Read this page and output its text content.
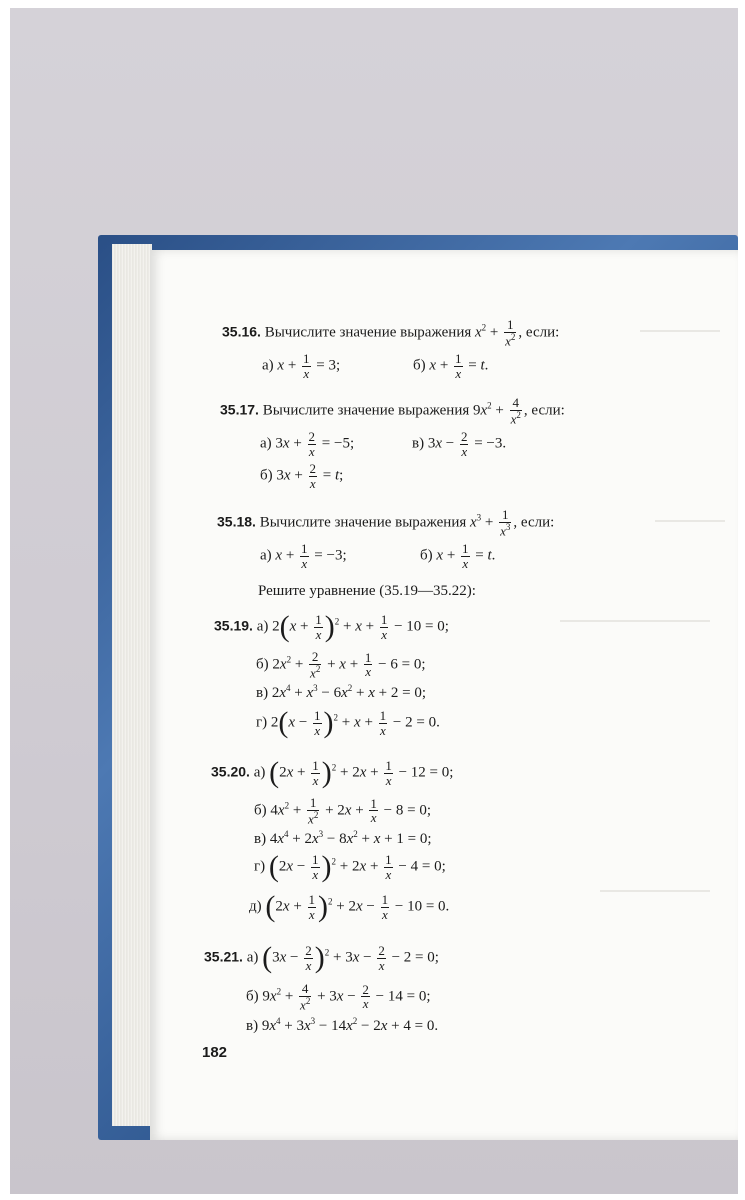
35.16. Вычислите значение выражения $x^2 + \frac{1}{x^2}$ , если:
а) $x + \frac{1}{x} = 3$;	б) $x + \frac{1}{x} = t$.
35.17. Вычислите значение выражения $9x^2 + \frac{4}{x^2}$ , если:
а) $3x + \frac{2}{x} = -5$;	в) $3x - \frac{2}{x} = -3$.
б) $3x + \frac{2}{x} = t$;
35.18. Вычислите значение выражения $x^3 + \frac{1}{x^3}$ , если:
а) $x + \frac{1}{x} = -3$;	б) $x + \frac{1}{x} = t$.
Решите уравнение (35.19—35.22):
35.19. а) $2(x + \frac{1}{x} )^2 + x + \frac{1}{x} - 10 = 0$;
б) $2x^2 + \frac{2}{x^2} + x + \frac{1}{x} - 6 = 0$;
в) $2x^4 + x^3 - 6x^2 + x + 2 = 0$;
г) $2(x - \frac{1}{x} )^2 + x + \frac{1}{x} - 2 = 0$.
35.20. а) $(2x + \frac{1}{x} )^2 + 2x + \frac{1}{x} - 12 = 0$;
б) $4x^2 + \frac{1}{x^2} + 2x + \frac{1}{x} - 8 = 0$;
в) $4x^4 + 2x^3 - 8x^2 + x + 1 = 0$;
г) $(2x - \frac{1}{x} )^2 + 2x + \frac{1}{x} - 4 = 0$;
д) $(2x + \frac{1}{x} )^2 + 2x - \frac{1}{x} - 10 = 0$.
35.21. а) $(3x - \frac{2}{x} )^2 + 3x - \frac{2}{x} - 2 = 0$;
б) $9x^2 + \frac{4}{x^2} + 3x - \frac{2}{x} - 14 = 0$;
в) $9x^4 + 3x^3 - 14x^2 - 2x + 4 = 0$.
182
